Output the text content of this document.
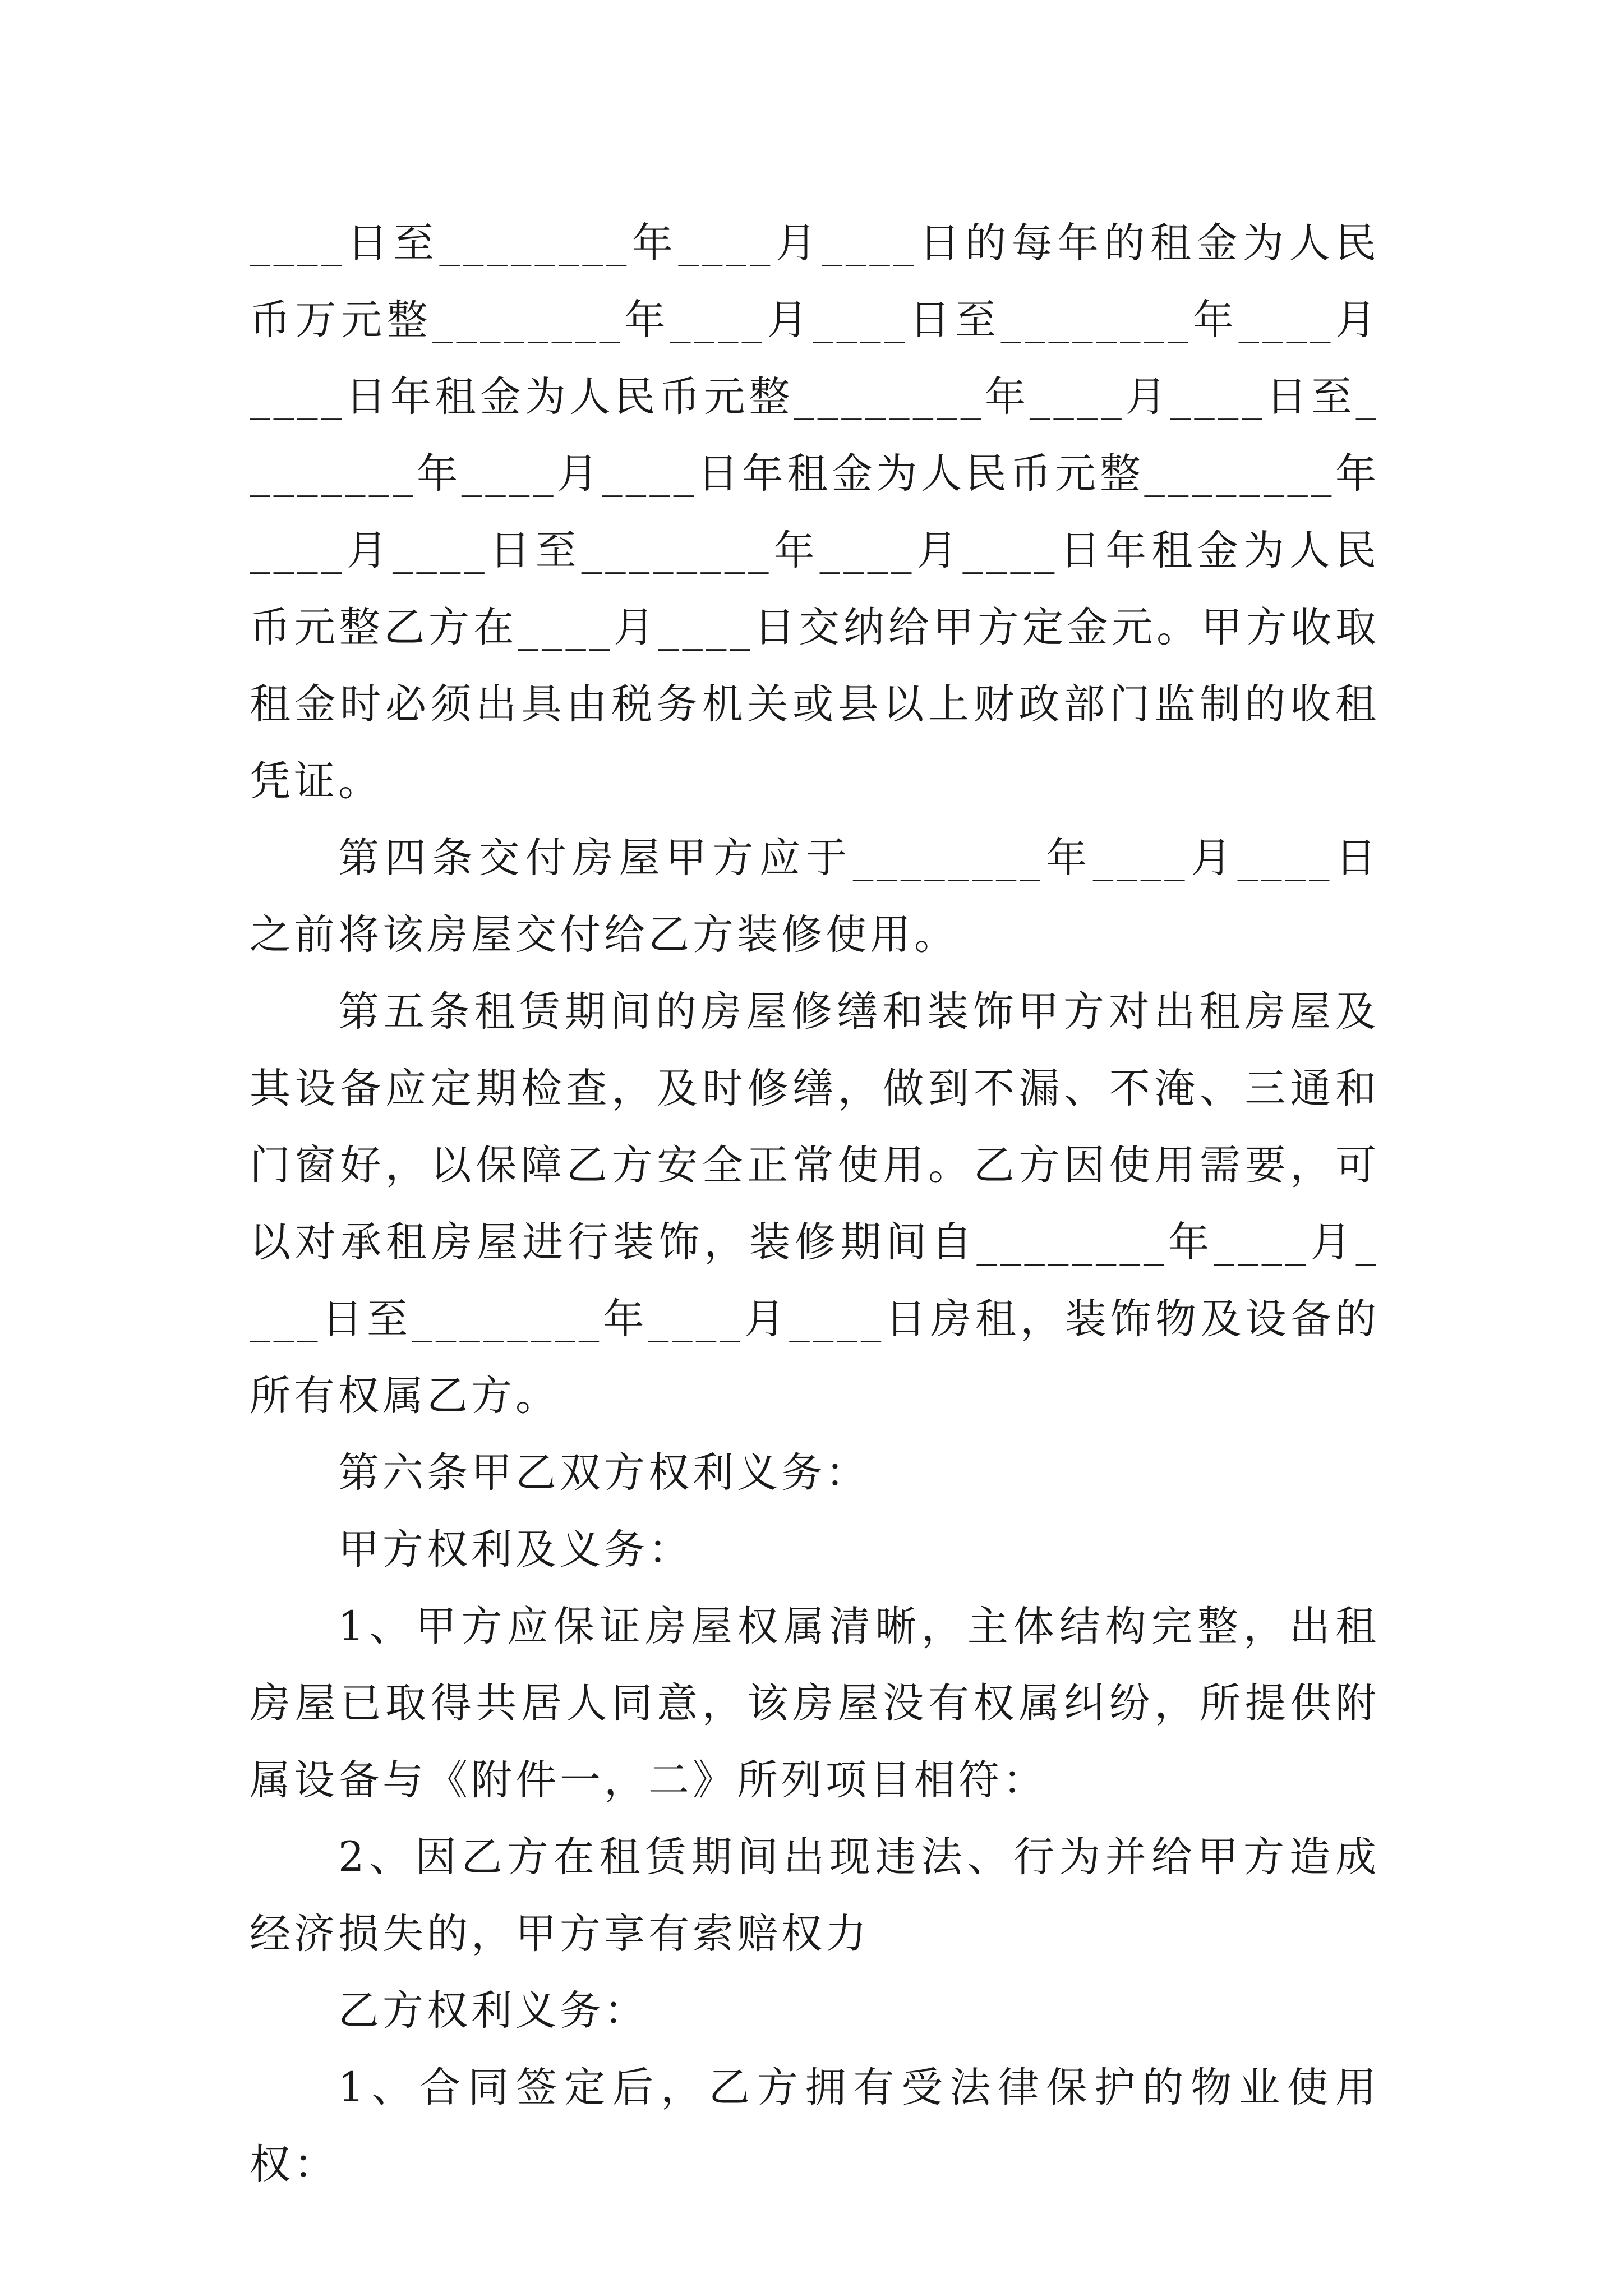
____日至________年____月____日的每年的租金为人民币万元整________年____月____日至________年____月____日年租金为人民币元整________年____月____日至________年____月____日年租金为人民币元整________年____月____日至________年____月____日年租金为人民币元整乙方在____月____日交纳给甲方定金元。甲方收取租金时必须出具由税务机关或县以上财政部门监制的收租凭证。

第四条交付房屋甲方应于________年____月____日之前将该房屋交付给乙方装修使用。

第五条租赁期间的房屋修缮和装饰甲方对出租房屋及其设备应定期检查，及时修缮，做到不漏、不淹、三通和门窗好，以保障乙方安全正常使用。乙方因使用需要，可以对承租房屋进行装饰，装修期间自________年____月____日至________年____月____日房租，装饰物及设备的所有权属乙方。

第六条甲乙双方权利义务：

甲方权利及义务：

1、甲方应保证房屋权属清晰，主体结构完整，出租房屋已取得共居人同意，该房屋没有权属纠纷，所提供附属设备与《附件一，二》所列项目相符：

2、因乙方在租赁期间出现违法、行为并给甲方造成经济损失的，甲方享有索赔权力

乙方权利义务：

1、合同签定后，乙方拥有受法律保护的物业使用权：
